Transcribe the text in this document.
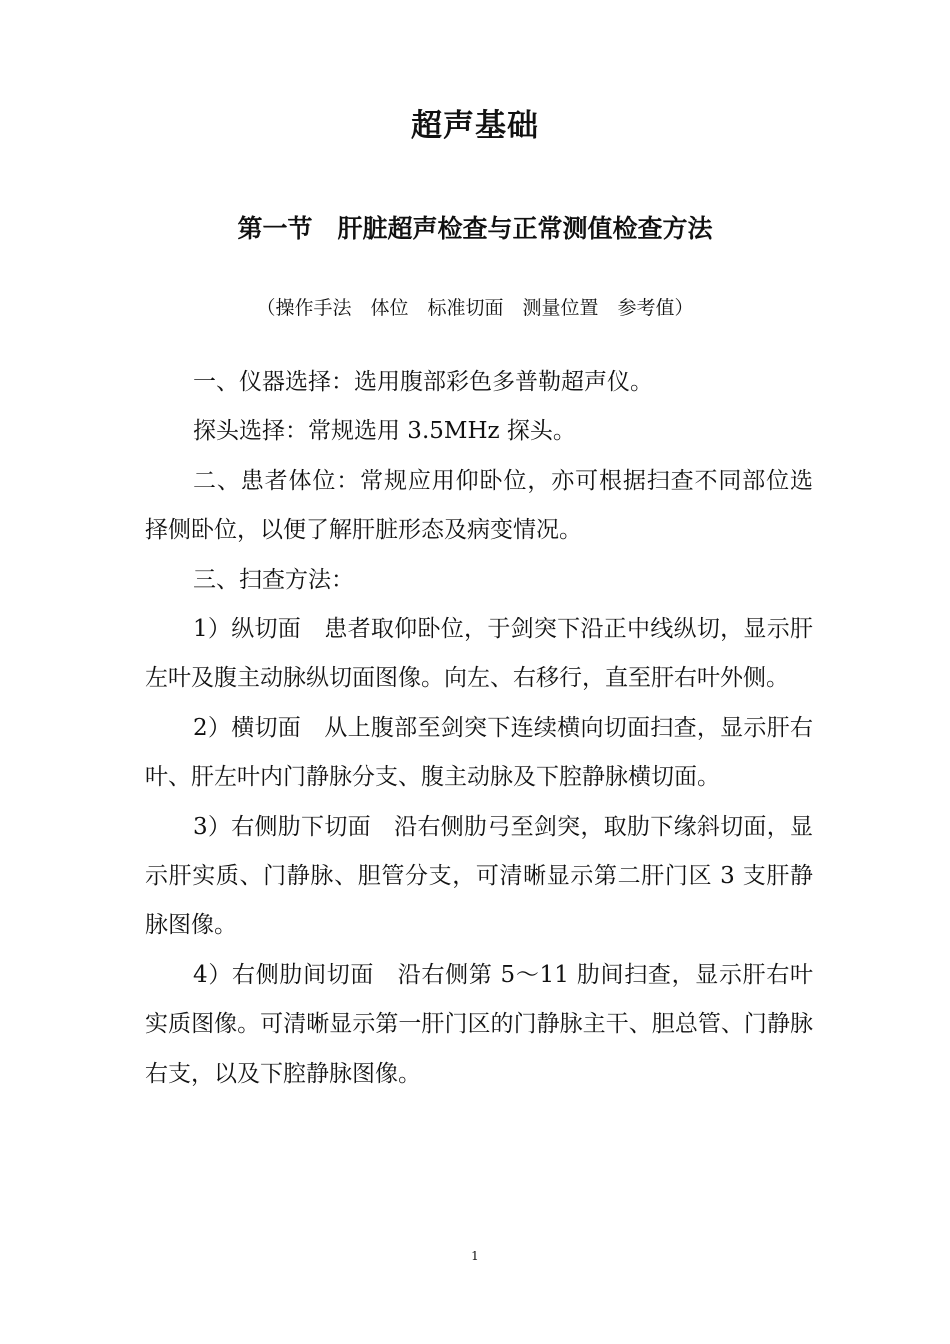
超声基础
第一节　肝脏超声检查与正常测值检查方法
（操作手法　体位　标准切面　测量位置　参考值）

一、仪器选择：选用腹部彩色多普勒超声仪。

探头选择：常规选用 3.5MHz 探头。

二、患者体位：常规应用仰卧位，亦可根据扫查不同部位选择侧卧位，以便了解肝脏形态及病变情况。

三、扫查方法：

1）纵切面　患者取仰卧位，于剑突下沿正中线纵切，显示肝左叶及腹主动脉纵切面图像。向左、右移行，直至肝右叶外侧。

2）横切面　从上腹部至剑突下连续横向切面扫查，显示肝右叶、肝左叶内门静脉分支、腹主动脉及下腔静脉横切面。

3）右侧肋下切面　沿右侧肋弓至剑突，取肋下缘斜切面，显示肝实质、门静脉、胆管分支，可清晰显示第二肝门区 3 支肝静脉图像。

4）右侧肋间切面　沿右侧第 5～11 肋间扫查，显示肝右叶实质图像。可清晰显示第一肝门区的门静脉主干、胆总管、门静脉右支，以及下腔静脉图像。

1
